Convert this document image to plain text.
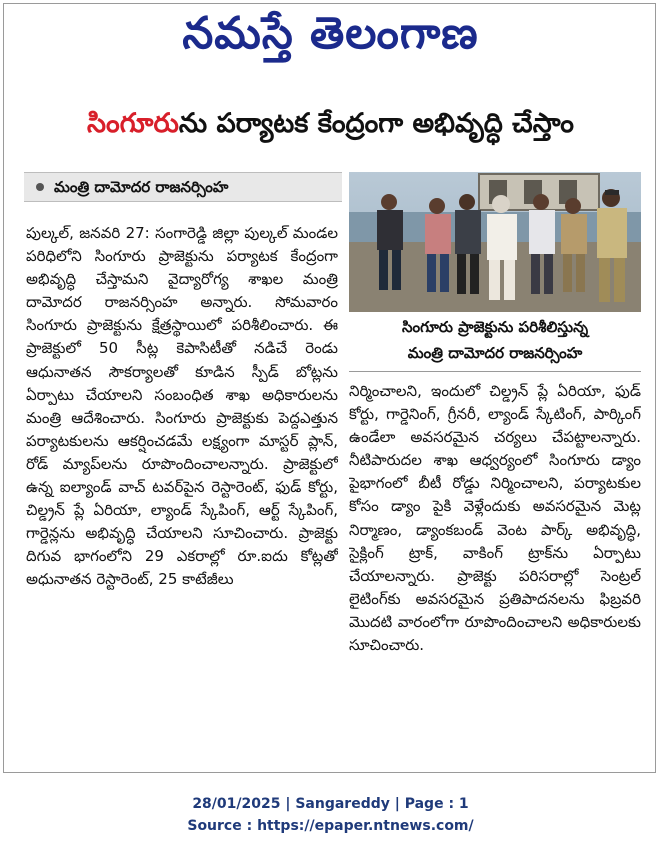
నమస్తే తెలంగాణ
సింగూరును పర్యాటక కేంద్రంగా అభివృద్ధి చేస్తాం
మంత్రి దామోదర రాజనర్సింహ
పుల్కల్‌, జనవరి 27: సంగారెడ్డి జిల్లా పుల్కల్‌ మండల పరిధిలోని సింగూరు ప్రాజెక్టును పర్యాటక కేంద్రంగా అభివృద్ధి చేస్తామని వైద్యారోగ్య శాఖల మంత్రి దామోదర రాజనర్సింహ అన్నారు. సోమవారం సింగూరు ప్రాజెక్టును క్షేత్రస్థాయిలో పరిశీలించారు. ఈ ప్రాజెక్టులో 50 సీట్ల కెపాసిటీతో నడిచే రెండు ఆధునాతన సౌకర్యాలతో కూడిన స్పీడ్‌ బోట్లను ఏర్పాటు చేయాలని సంబంధిత శాఖ అధికారులను మంత్రి ఆదేశించారు. సింగూరు ప్రాజెక్టుకు పెద్దఎత్తున పర్యాటకులను ఆకర్షించడమే లక్ష్యంగా మాస్టర్‌ ప్లాన్‌, రోడ్‌ మ్యాప్‌లను రూపొందించాలన్నారు. ప్రాజెక్టులో ఉన్న ఐల్యాండ్‌ వాచ్‌ టవర్‌పైన రెస్టారెంట్‌, ఫుడ్‌ కోర్టు, చిల్డ్రన్‌ ప్లే ఏరియా, ల్యాండ్‌ స్కేపింగ్‌, ఆర్ట్‌ స్కేపింగ్‌, గార్డెన్లను అభివృద్ధి చేయాలని సూచించారు. ప్రాజెక్టు దిగువ భాగంలోని 29 ఎకరాల్లో రూ.ఐదు కోట్లతో అధునాతన రెస్టారెంట్‌, 25 కాటేజీలు
సింగూరు ప్రాజెక్టును పరిశీలిస్తున్న
మంత్రి దామోదర రాజనర్సింహ
నిర్మించాలని, ఇందులో చిల్డ్రన్‌ ప్లే ఏరియా, ఫుడ్‌ కోర్టు, గార్డెనింగ్‌, గ్రీనరీ, ల్యాండ్‌ స్కేటింగ్‌, పార్కింగ్‌ ఉండేలా అవసరమైన చర్యలు చేపట్టాలన్నారు. నీటిపారుదల శాఖ ఆధ్వర్యంలో సింగూరు డ్యాం పైభాగంలో బీటీ రోడ్డు నిర్మించాలని, పర్యాటకుల కోసం డ్యాం పైకి వెళ్లేందుకు అవసరమైన మెట్ల నిర్మాణం, డ్యాంకబండ్‌ వెంట పార్క్‌ అభివృద్ధి, సైక్లింగ్‌ ట్రాక్‌, వాకింగ్‌ ట్రాక్‌ను ఏర్పాటు చేయాలన్నారు. ప్రాజెక్టు పరిసరాల్లో సెంట్రల్‌ లైటింగ్‌కు అవసరమైన ప్రతిపాదనలను ఫిబ్రవరి మొదటి వారంలోగా రూపొందించాలని అధికారులకు సూచించారు.
28/01/2025 | Sangareddy | Page : 1
Source : https://epaper.ntnews.com/
